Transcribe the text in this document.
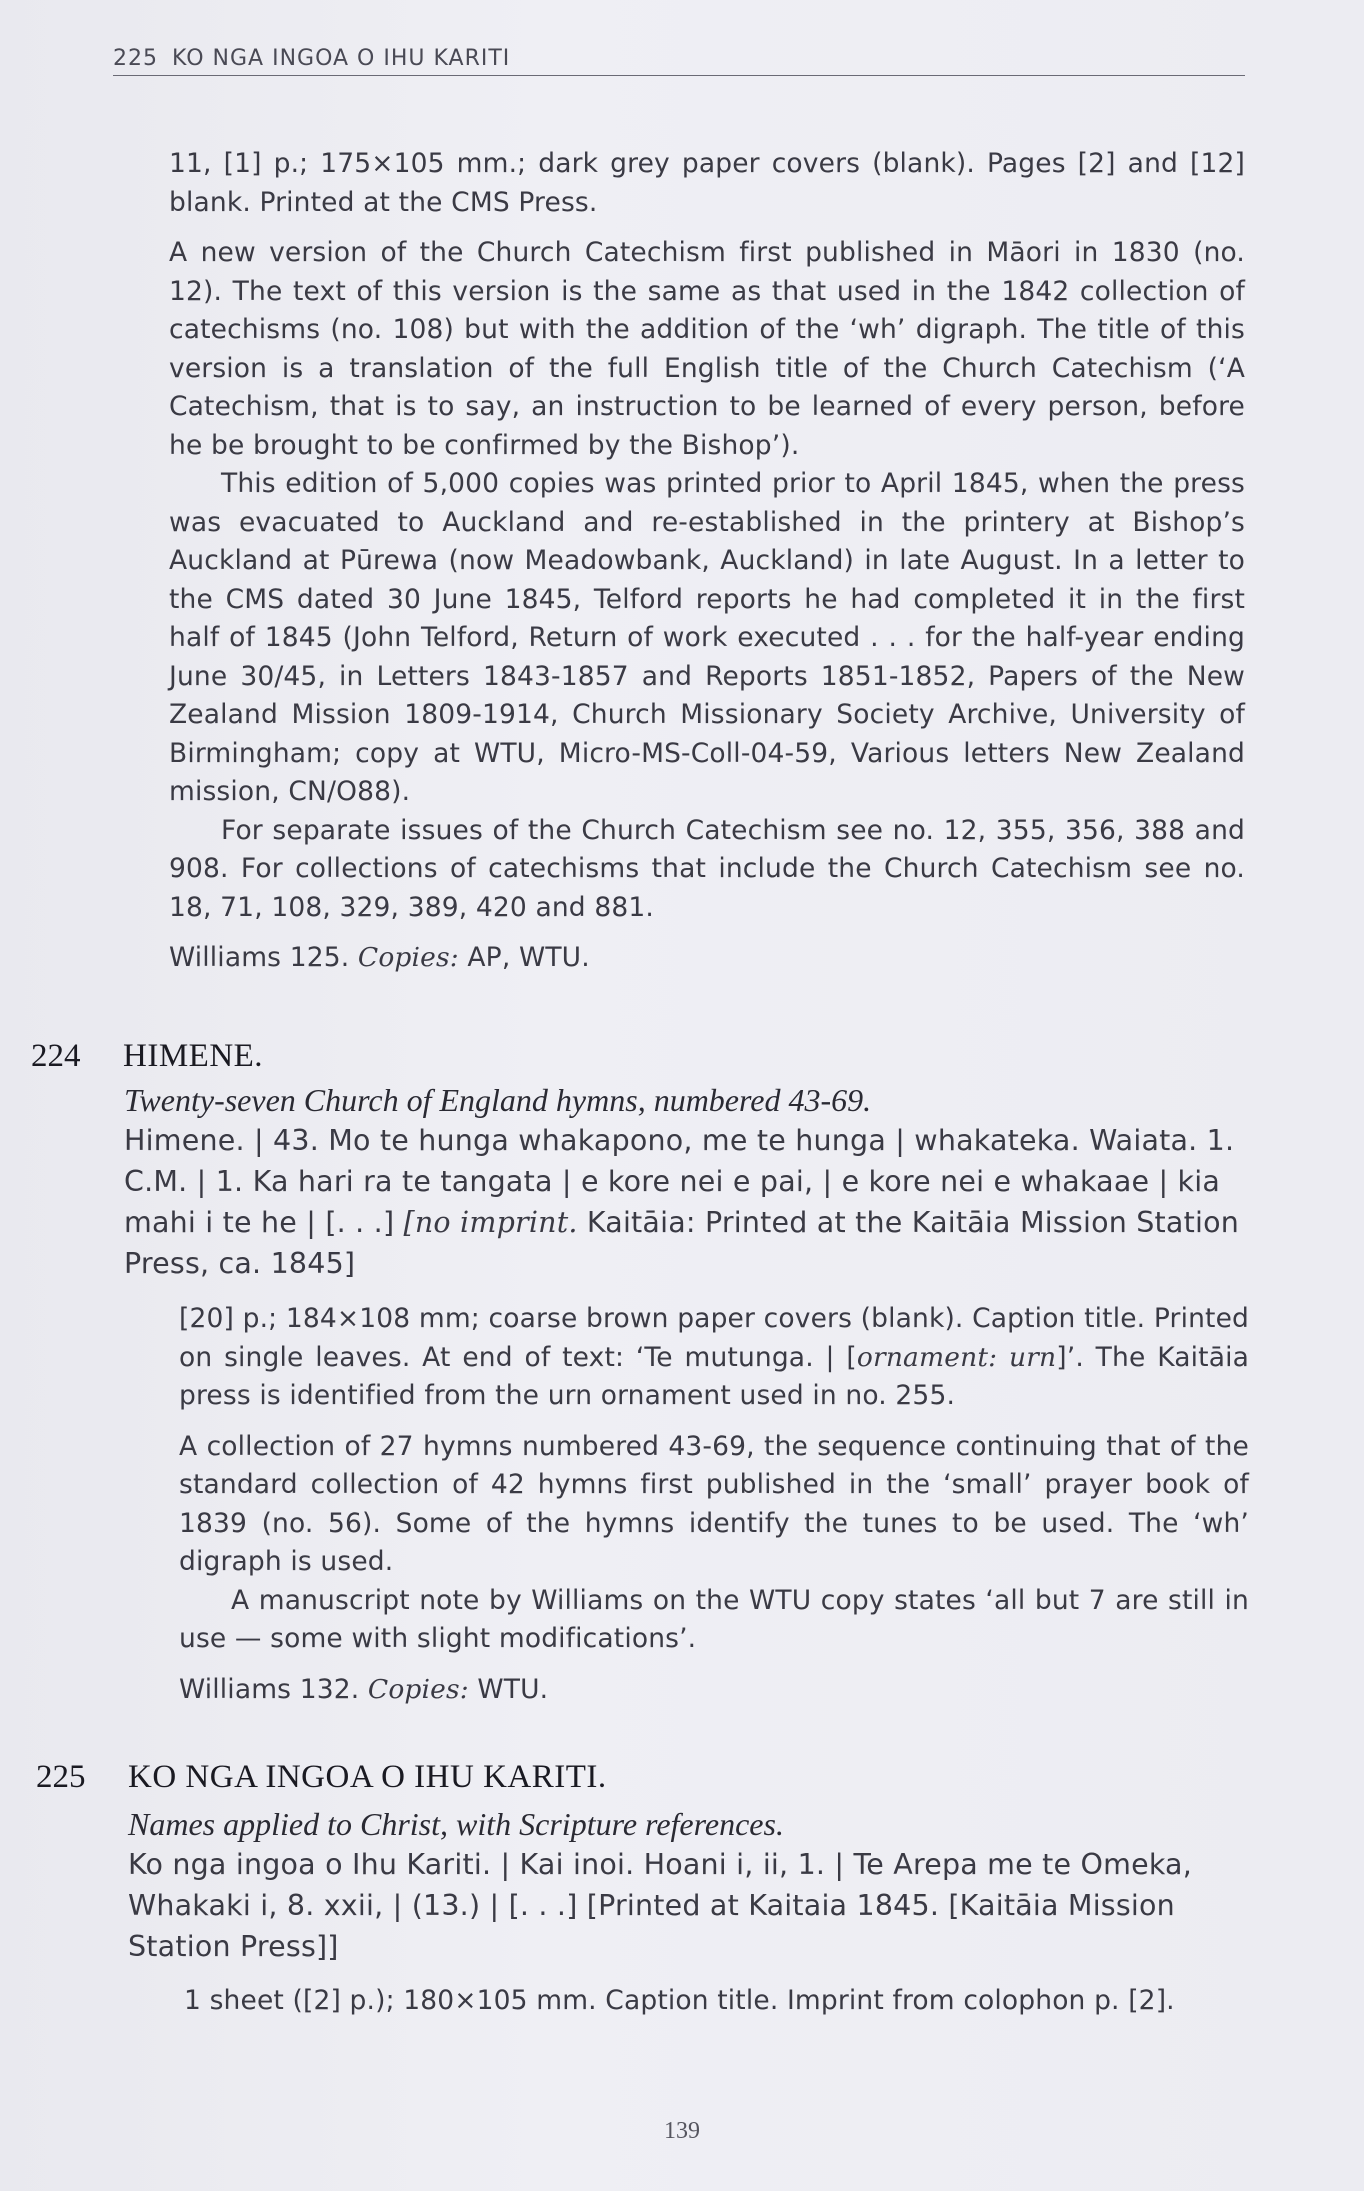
225 KO NGA INGOA O IHU KARITI

11, [1] p.; 175×105 mm.; dark grey paper covers (blank). Pages [2] and [12] blank. Printed at the CMS Press.

A new version of the Church Catechism first published in Māori in 1830 (no. 12). The text of this version is the same as that used in the 1842 collection of catechisms (no. 108) but with the addition of the ‘wh’ digraph. The title of this version is a translation of the full English title of the Church Catechism (‘A Catechism, that is to say, an instruction to be learned of every person, before he be brought to be confirmed by the Bishop’).

This edition of 5,000 copies was printed prior to April 1845, when the press was evacuated to Auckland and re-established in the printery at Bishop’s Auckland at Pūrewa (now Meadowbank, Auckland) in late August. In a letter to the CMS dated 30 June 1845, Telford reports he had completed it in the first half of 1845 (John Telford, Return of work executed . . . for the half-year ending June 30/45, in Letters 1843-1857 and Reports 1851-1852, Papers of the New Zealand Mission 1809-1914, Church Missionary Society Archive, University of Birmingham; copy at WTU, Micro-MS-Coll-04-59, Various letters New Zealand mission, CN/O88).

For separate issues of the Church Catechism see no. 12, 355, 356, 388 and 908. For collections of catechisms that include the Church Catechism see no. 18, 71, 108, 329, 389, 420 and 881.

Williams 125. Copies: AP, WTU.

224 HIMENE.

Twenty-seven Church of England hymns, numbered 43-69.

Himene. | 43. Mo te hunga whakapono, me te hunga | whakateka. Waiata. 1. C.M. | 1. Ka hari ra te tangata | e kore nei e pai, | e kore nei e whakaae | kia mahi i te he | [. . .] [no imprint. Kaitāia: Printed at the Kaitāia Mission Station Press, ca. 1845]

[20] p.; 184×108 mm; coarse brown paper covers (blank). Caption title. Printed on single leaves. At end of text: ‘Te mutunga. | [ornament: urn]’. The Kaitāia press is identified from the urn ornament used in no. 255.

A collection of 27 hymns numbered 43-69, the sequence continuing that of the standard collection of 42 hymns first published in the ‘small’ prayer book of 1839 (no. 56). Some of the hymns identify the tunes to be used. The ‘wh’ digraph is used.

A manuscript note by Williams on the WTU copy states ‘all but 7 are still in use — some with slight modifications’.

Williams 132. Copies: WTU.

225 KO NGA INGOA O IHU KARITI.

Names applied to Christ, with Scripture references.

Ko nga ingoa o Ihu Kariti. | Kai inoi. Hoani i, ii, 1. | Te Arepa me te Omeka, Whakaki i, 8. xxii, | (13.) | [. . .] [Printed at Kaitaia 1845. [Kaitāia Mission Station Press]]

1 sheet ([2] p.); 180×105 mm. Caption title. Imprint from colophon p. [2].

139
